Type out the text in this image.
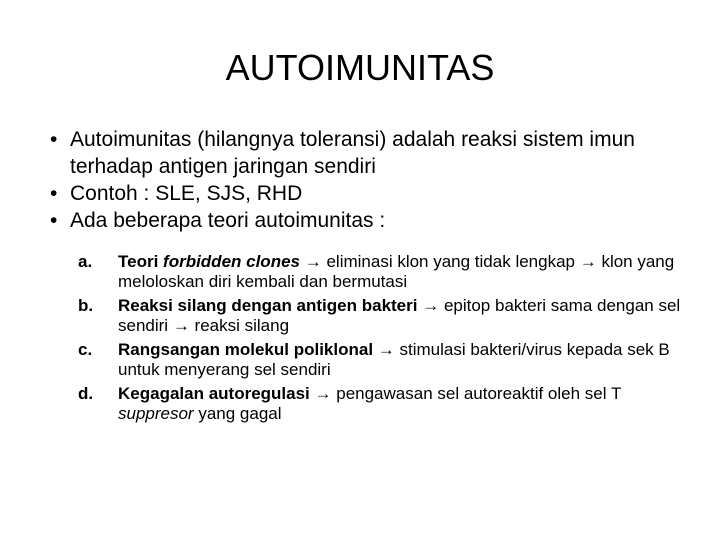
AUTOIMUNITAS
• Autoimunitas (hilangnya toleransi) adalah reaksi sistem imun terhadap antigen jaringan sendiri
• Contoh : SLE, SJS, RHD
• Ada beberapa teori autoimunitas :
a.	Teori forbidden clones → eliminasi klon yang tidak lengkap → klon yang meloloskan diri kembali dan bermutasi
b.	Reaksi silang dengan antigen bakteri → epitop bakteri sama dengan sel sendiri → reaksi silang
c.	Rangsangan molekul poliklonal → stimulasi bakteri/virus kepada sek B untuk menyerang sel sendiri
d.	Kegagalan autoregulasi → pengawasan sel autoreaktif oleh sel T suppresor yang gagal
